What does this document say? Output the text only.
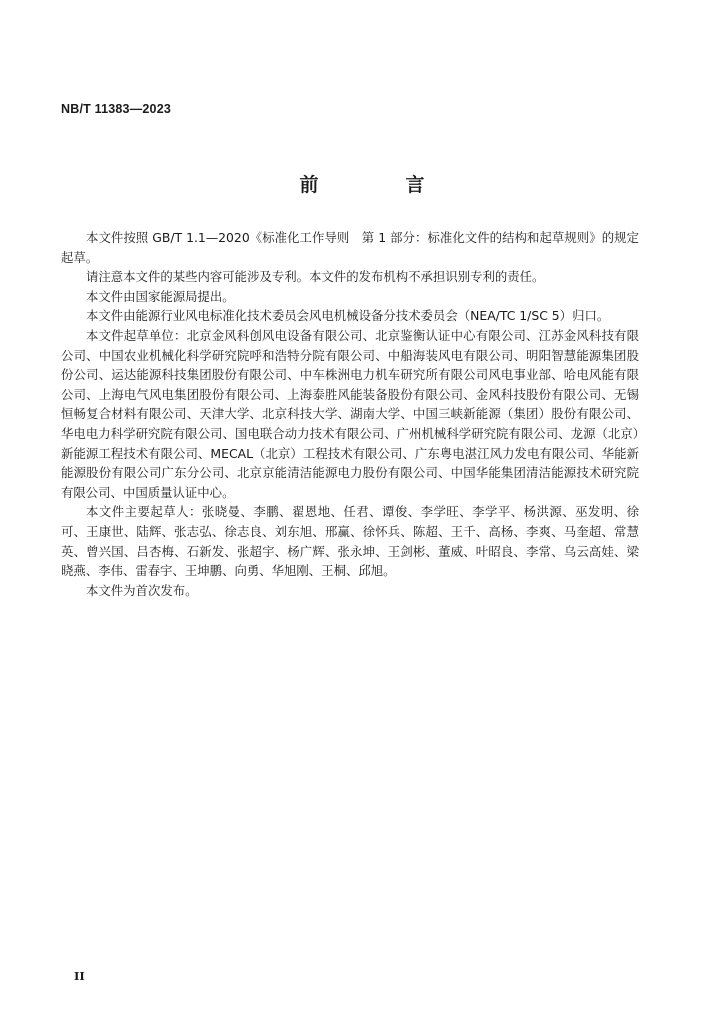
NB/T 11383—2023
前　言

本文件按照 GB/T 1.1—2020《标准化工作导则　第 1 部分：标准化文件的结构和起草规则》的规定起草。

请注意本文件的某些内容可能涉及专利。本文件的发布机构不承担识别专利的责任。

本文件由国家能源局提出。

本文件由能源行业风电标准化技术委员会风电机械设备分技术委员会（NEA/TC 1/SC 5）归口。

本文件起草单位：北京金风科创风电设备有限公司、北京鉴衡认证中心有限公司、江苏金风科技有限公司、中国农业机械化科学研究院呼和浩特分院有限公司、中船海装风电有限公司、明阳智慧能源集团股份公司、运达能源科技集团股份有限公司、中车株洲电力机车研究所有限公司风电事业部、哈电风能有限公司、上海电气风电集团股份有限公司、上海泰胜风能装备股份有限公司、金风科技股份有限公司、无锡恒畅复合材料有限公司、天津大学、北京科技大学、湖南大学、中国三峡新能源（集团）股份有限公司、华电电力科学研究院有限公司、国电联合动力技术有限公司、广州机械科学研究院有限公司、龙源（北京）新能源工程技术有限公司、MECAL（北京）工程技术有限公司、广东粤电湛江风力发电有限公司、华能新能源股份有限公司广东分公司、北京京能清洁能源电力股份有限公司、中国华能集团清洁能源技术研究院有限公司、中国质量认证中心。

本文件主要起草人：张晓曼、李鹏、翟恩地、任君、谭俊、李学旺、李学平、杨洪源、巫发明、徐可、王康世、陆辉、张志弘、徐志良、刘东旭、邢赢、徐怀兵、陈超、王千、高杨、李爽、马奎超、常慧英、曾兴国、吕杏梅、石新发、张超宇、杨广辉、张永坤、王剑彬、董威、叶昭良、李常、乌云高娃、梁晓燕、李伟、雷春宇、王坤鹏、向勇、华旭刚、王桐、邱旭。

本文件为首次发布。

II
